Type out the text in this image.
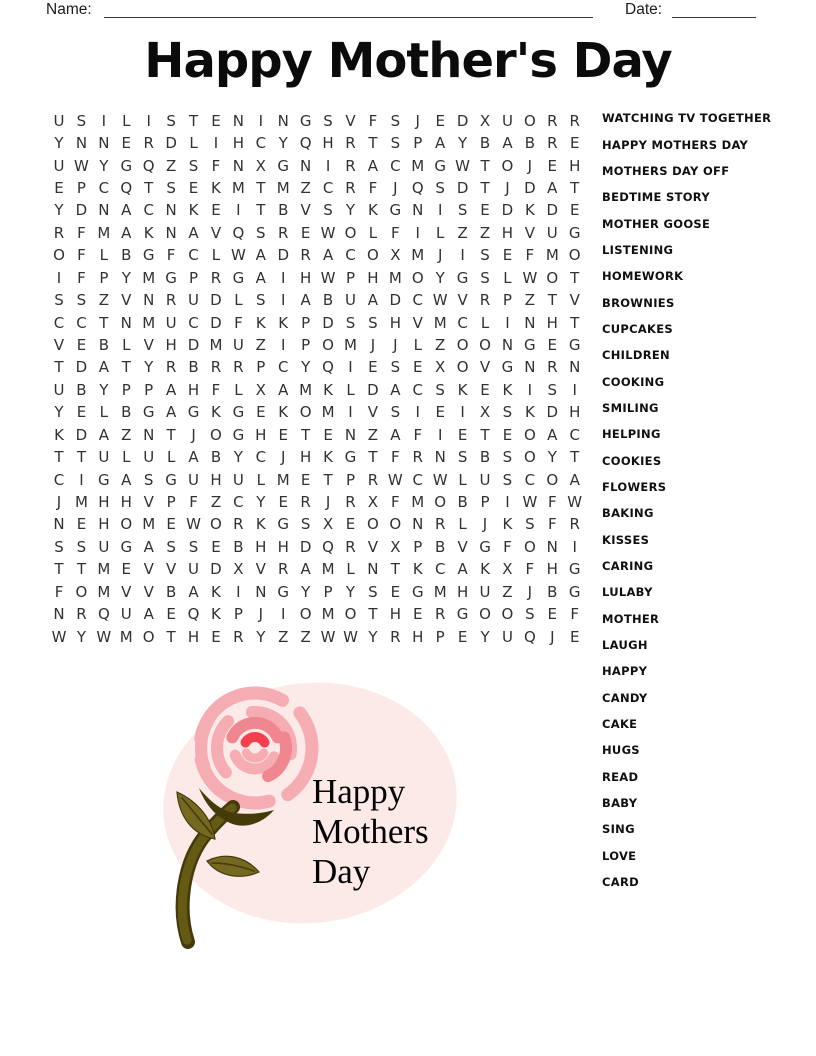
Name:	Date:
Happy Mother's Day
U S	I	L	I	S T E N I N G S V F S	J	E D X U O R R
Y N N E R D L	I H C Y Q H R T S P A Y B A B R E
U W Y G Q Z S F N X G N I R A C M G W T O J	E H
E P C Q T S E K M T M Z C R F	J Q S D T	J D A T
Y D N A C N K E	I	T B V S Y K G N I	S E D K D E
R F M A K N A V Q S R E W O L F	I	L Z Z H V U G
O F L B G F C L W A D R A C O X M J	I	S E F M O
I	F P Y M G P R G A	I H W P H M O Y G S L W O T
S S Z V N R U D L S	I	A B U A D C W V R P Z T V
C C T N M U C D F K K P D S S H V M C L	I N H T
V E B L V H D M U Z	I	P O M J	J	L Z O O N G E G
T D A T Y R B R R P C Y Q I	E S E X O V G N R N
U B Y P P A H F L X A M K L D A C S K E K	I	S	I
Y E L B G A G K G E K O M I	V S	I	E	I	X S K D H
K D A Z N T	J O G H E T E N Z A F	I	E T E O A C
T T U L U L A B Y C J H K G T F R N S B S O Y T
C I G A S G U H U L M E T P R W C W L U S C O A
J M H H V P F Z C Y E R J R X F M O B P	I W F W
N E H O M E W O R K G S X E O O N R L	J	K S F R
S S U G A S S E B H H D Q R V X P B V G F O N I
T T M E V V U D X V R A M L N T K C A K X F H G
F O M V V B A K	I N G Y P Y S E G M H U Z	J	B G
N R Q U A E Q K P	J	I O M O T H E R G O O S E F
W Y W M O T H E R Y Z Z W W Y R H P E Y U Q J	E
WATCHING TV TOGETHER
HAPPY MOTHERS DAY
MOTHERS DAY OFF
BEDTIME STORY
MOTHER GOOSE
LISTENING
HOMEWORK
BROWNIES
CUPCAKES
CHILDREN
COOKING
SMILING
HELPING
COOKIES
FLOWERS
BAKING
KISSES
CARING
LULABY
MOTHER
LAUGH
HAPPY
CANDY
CAKE
HUGS
READ
BABY
SING
LOVE
CARD
Happy
Mothers
Day
